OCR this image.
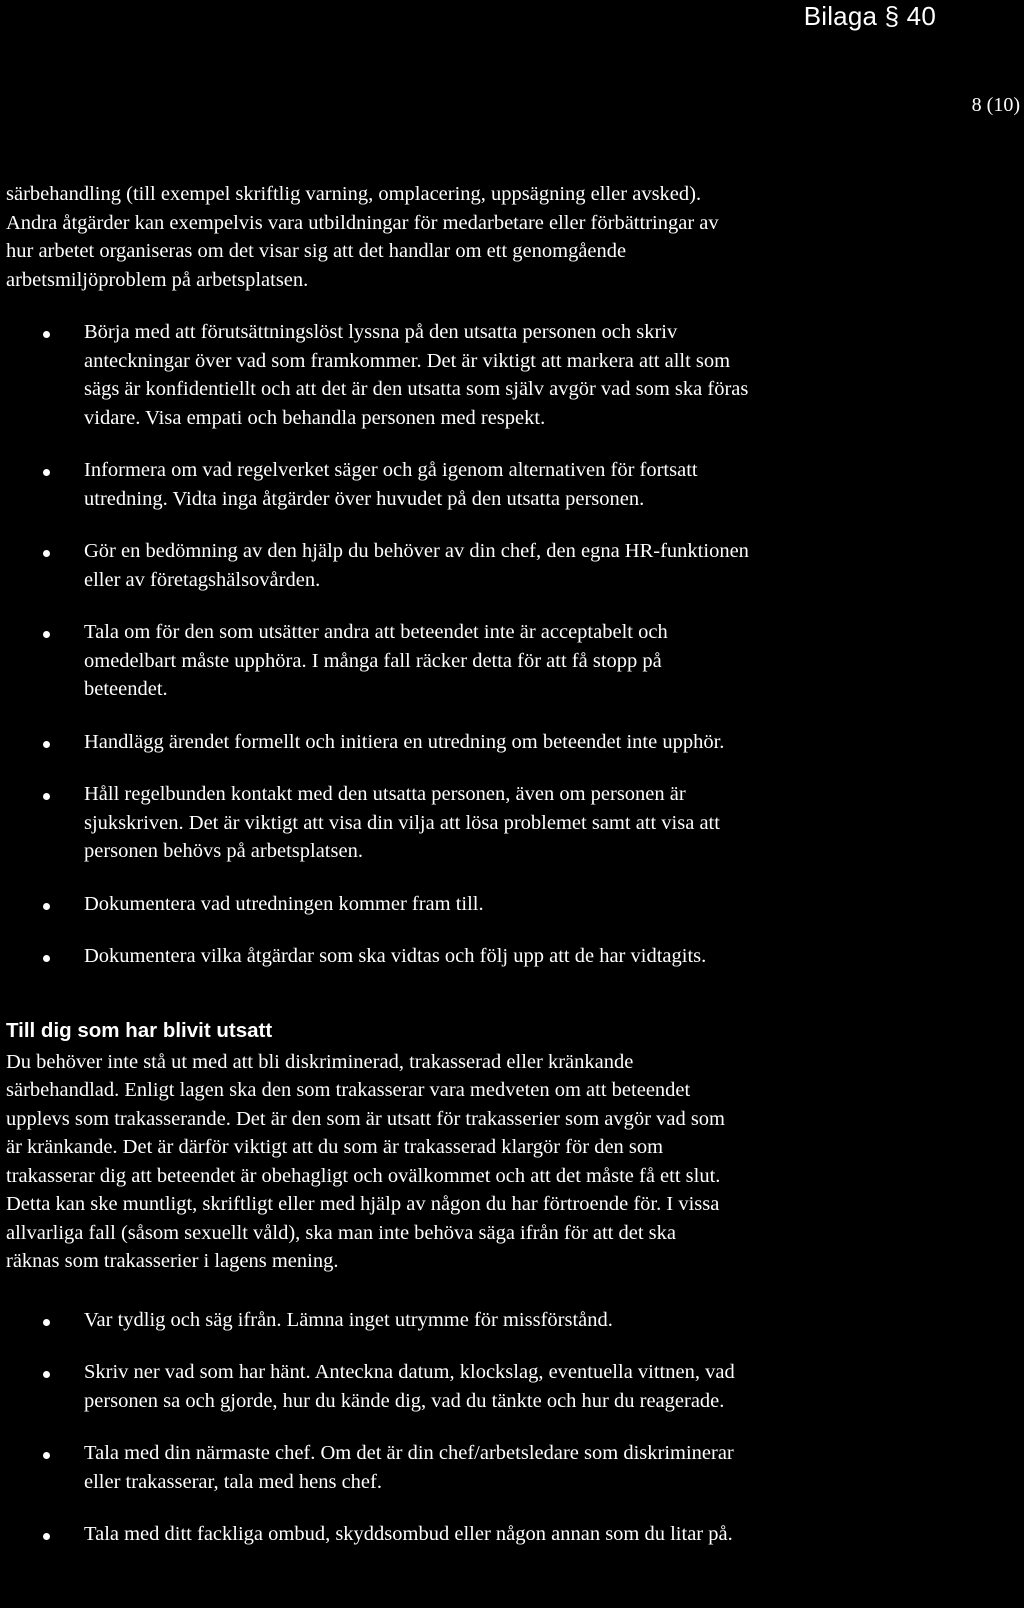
Bilaga § 40
8 (10)

särbehandling (till exempel skriftlig varning, omplacering, uppsägning eller avsked).
Andra åtgärder kan exempelvis vara utbildningar för medarbetare eller förbättringar av
hur arbetet organiseras om det visar sig att det handlar om ett genomgående
arbetsmiljöproblem på arbetsplatsen.

Börja med att förutsättningslöst lyssna på den utsatta personen och skriv
anteckningar över vad som framkommer. Det är viktigt att markera att allt som
sägs är konfidentiellt och att det är den utsatta som själv avgör vad som ska föras
vidare. Visa empati och behandla personen med respekt.
Informera om vad regelverket säger och gå igenom alternativen för fortsatt
utredning. Vidta inga åtgärder över huvudet på den utsatta personen.
Gör en bedömning av den hjälp du behöver av din chef, den egna HR-funktionen
eller av företagshälsovården.
Tala om för den som utsätter andra att beteendet inte är acceptabelt och
omedelbart måste upphöra. I många fall räcker detta för att få stopp på
beteendet.
Handlägg ärendet formellt och initiera en utredning om beteendet inte upphör.
Håll regelbunden kontakt med den utsatta personen, även om personen är
sjukskriven. Det är viktigt att visa din vilja att lösa problemet samt att visa att
personen behövs på arbetsplatsen.
Dokumentera vad utredningen kommer fram till.
Dokumentera vilka åtgärdar som ska vidtas och följ upp att de har vidtagits.
Till dig som har blivit utsatt

Du behöver inte stå ut med att bli diskriminerad, trakasserad eller kränkande
särbehandlad. Enligt lagen ska den som trakasserar vara medveten om att beteendet
upplevs som trakasserande. Det är den som är utsatt för trakasserier som avgör vad som
är kränkande. Det är därför viktigt att du som är trakasserad klargör för den som
trakasserar dig att beteendet är obehagligt och ovälkommet och att det måste få ett slut.
Detta kan ske muntligt, skriftligt eller med hjälp av någon du har förtroende för. I vissa
allvarliga fall (såsom sexuellt våld), ska man inte behöva säga ifrån för att det ska
räknas som trakasserier i lagens mening.

Var tydlig och säg ifrån. Lämna inget utrymme för missförstånd.
Skriv ner vad som har hänt. Anteckna datum, klockslag, eventuella vittnen, vad
personen sa och gjorde, hur du kände dig, vad du tänkte och hur du reagerade.
Tala med din närmaste chef. Om det är din chef/arbetsledare som diskriminerar
eller trakasserar, tala med hens chef.
Tala med ditt fackliga ombud, skyddsombud eller någon annan som du litar på.
